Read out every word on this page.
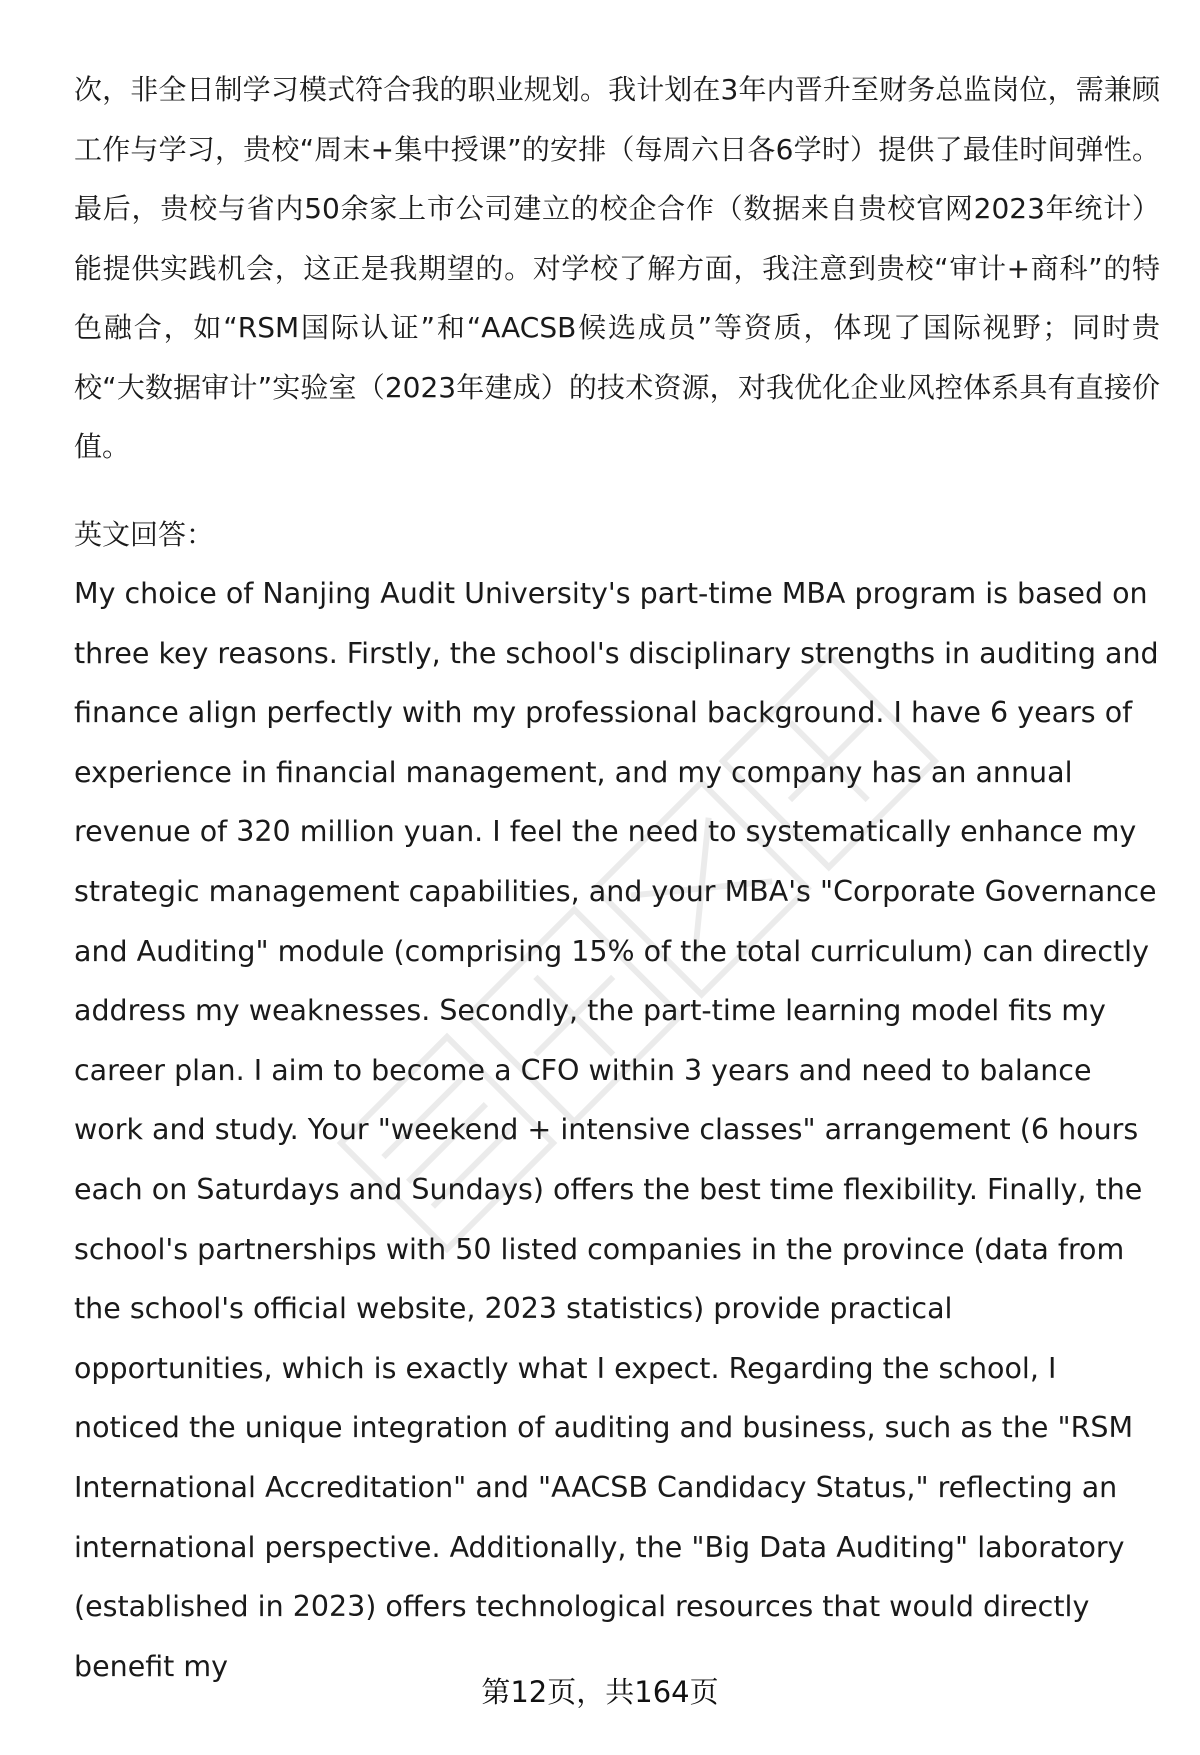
次，非全日制学习模式符合我的职业规划。我计划在3年内晋升至财务总监岗位，需兼顾工作与学习，贵校“周末+集中授课”的安排（每周六日各6学时）提供了最佳时间弹性。最后，贵校与省内50余家上市公司建立的校企合作（数据来自贵校官网2023年统计）能提供实践机会，这正是我期望的。对学校了解方面，我注意到贵校“审计+商科”的特色融合，如“RSM国际认证”和“AACSB候选成员”等资质，体现了国际视野；同时贵校“大数据审计”实验室（2023年建成）的技术资源，对我优化企业风控体系具有直接价值。

英文回答：

My choice of Nanjing Audit University's part-time MBA program is based on three key reasons. Firstly, the school's disciplinary strengths in auditing and finance align perfectly with my professional background. I have 6 years of experience in financial management, and my company has an annual revenue of 320 million yuan. I feel the need to systematically enhance my strategic management capabilities, and your MBA's "Corporate Governance and Auditing" module (comprising 15% of the total curriculum) can directly address my weaknesses. Secondly, the part-time learning model fits my career plan. I aim to become a CFO within 3 years and need to balance work and study. Your "weekend + intensive classes" arrangement (6 hours each on Saturdays and Sundays) offers the best time flexibility. Finally, the school's partnerships with 50 listed companies in the province (data from the school's official website, 2023 statistics) provide practical opportunities, which is exactly what I expect. Regarding the school, I noticed the unique integration of auditing and business, such as the "RSM International Accreditation" and "AACSB Candidacy Status," reflecting an international perspective. Additionally, the "Big Data Auditing" laboratory (established in 2023) offers technological resources that would directly benefit my

第12页，共164页
